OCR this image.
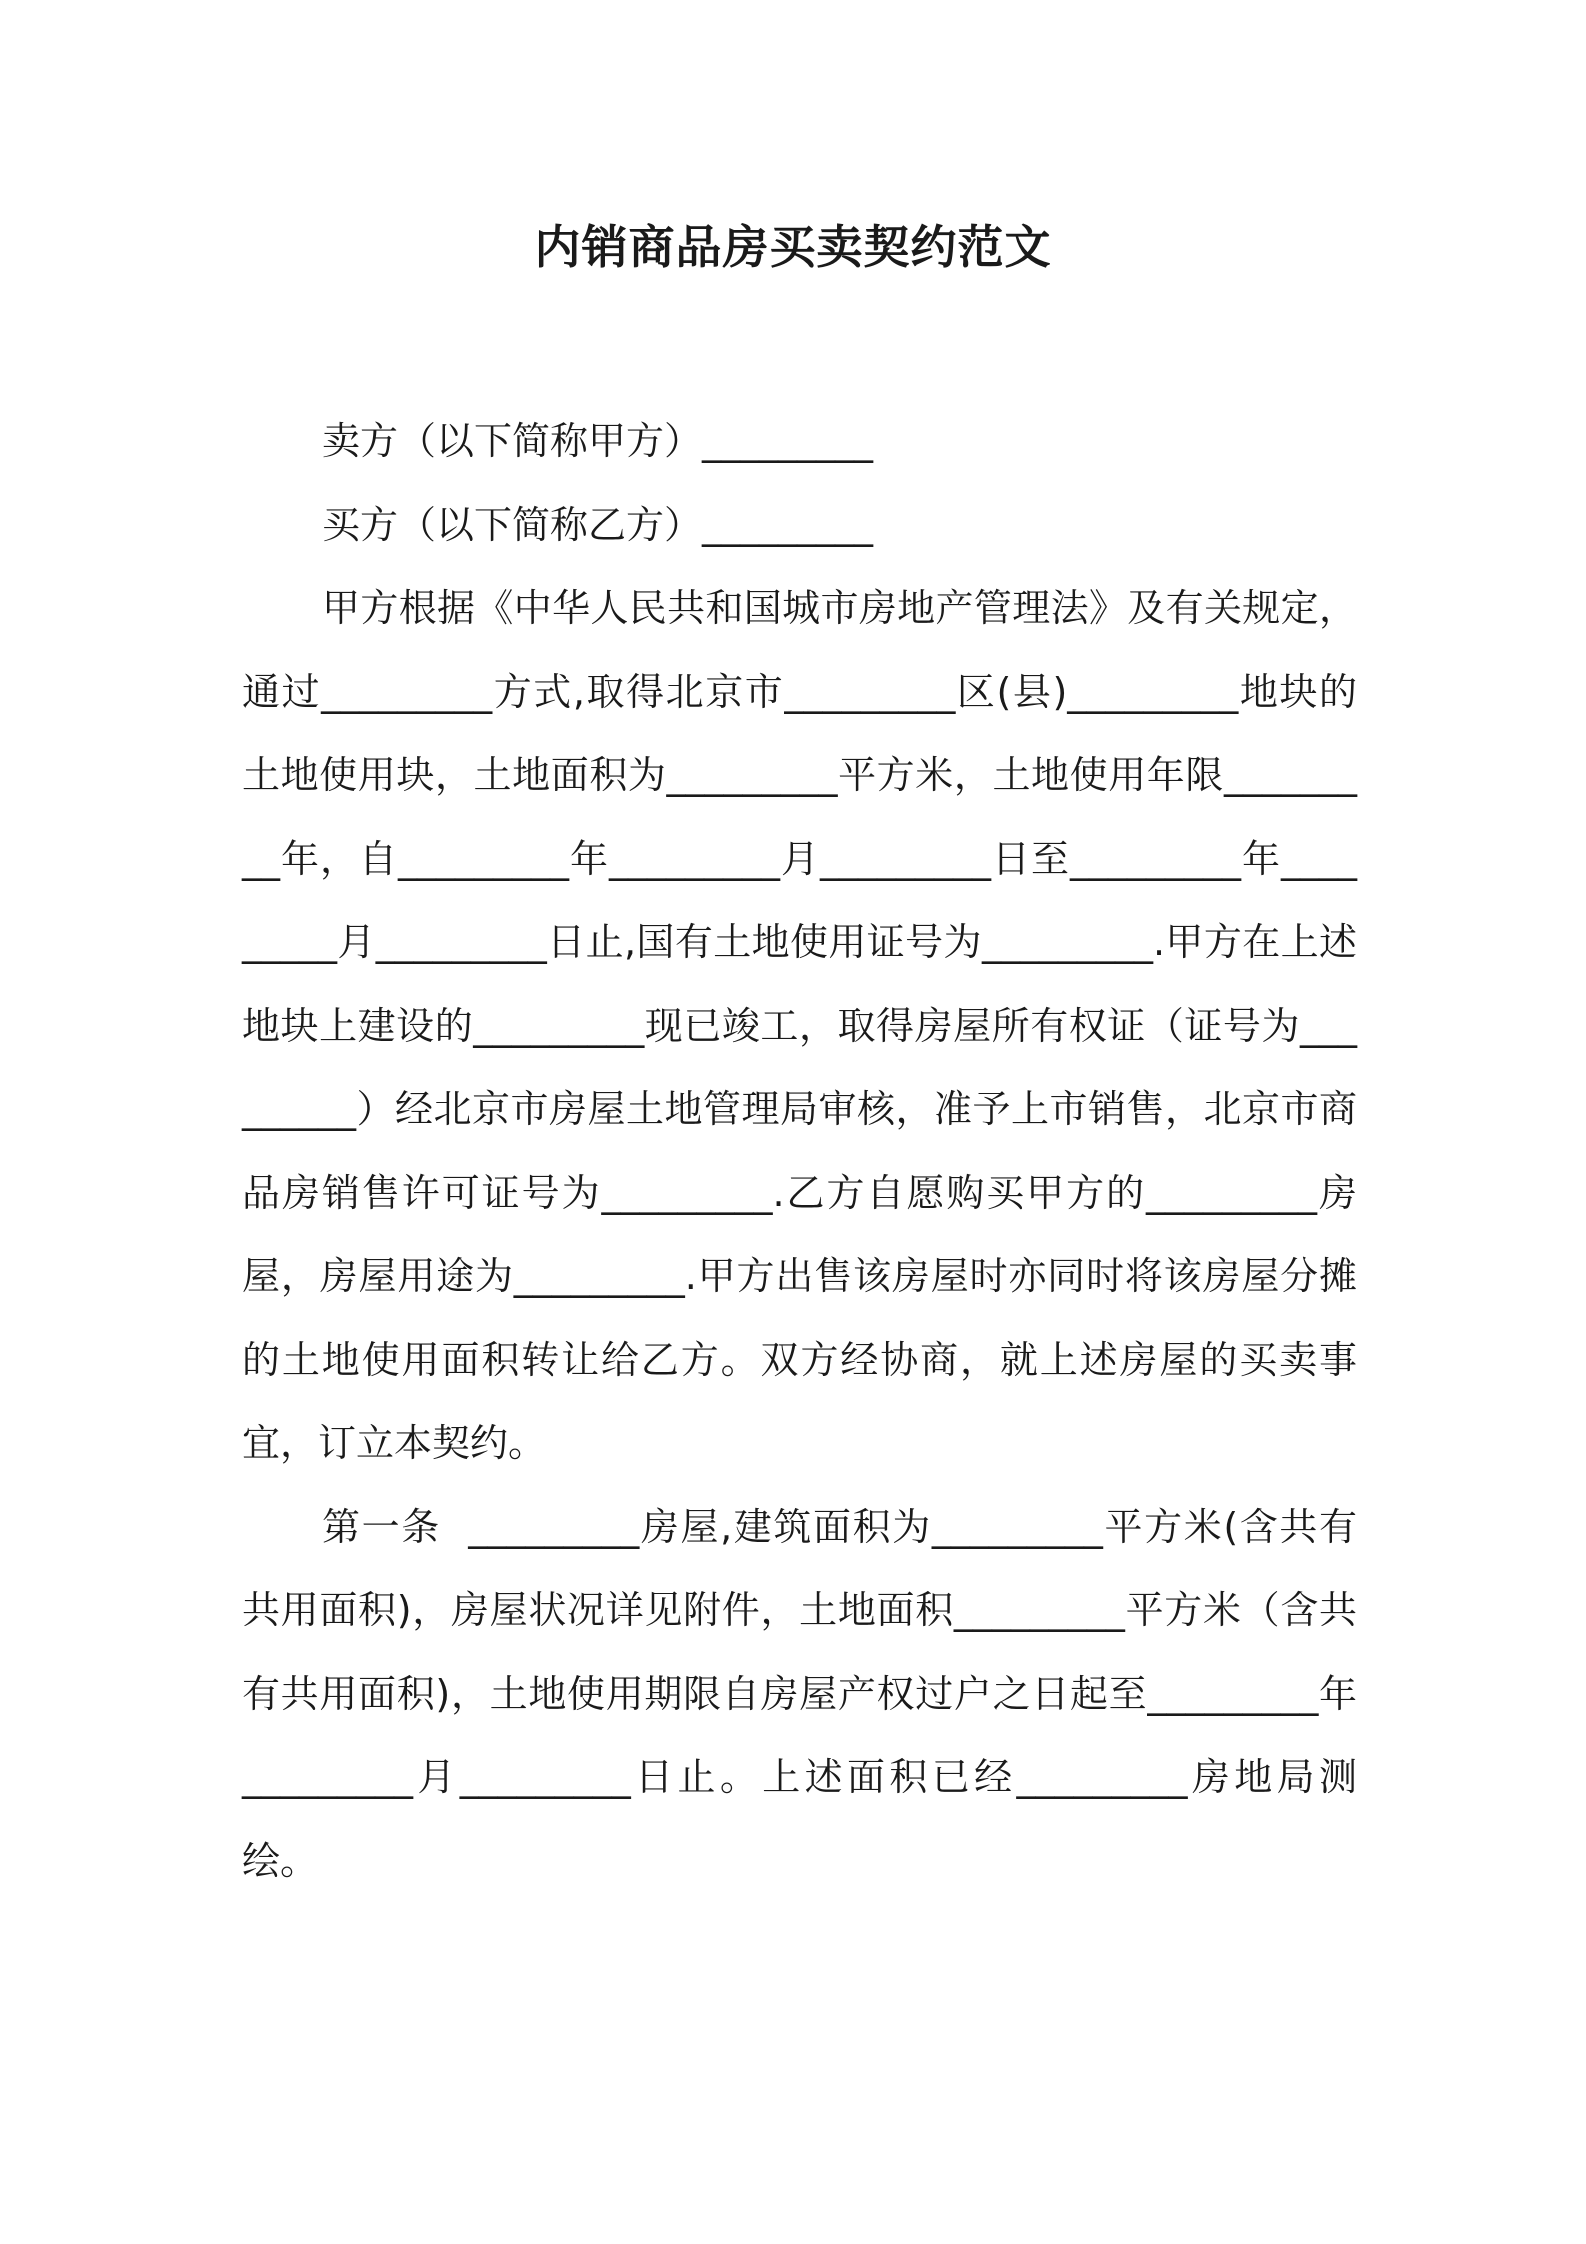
内销商品房买卖契约范文

卖方（以下简称甲方）_________

买方（以下简称乙方）_________

甲方根据《中华人民共和国城市房地产管理法》及有关规定，通过_________方式,取得北京市_________区(县)_________地块的土地使用块，土地面积为_________平方米，土地使用年限_________年，自_________年_________月_________日至_________年_________月_________日止,国有土地使用证号为_________.甲方在上述地块上建设的_________现已竣工，取得房屋所有权证（证号为_________）经北京市房屋土地管理局审核，准予上市销售，北京市商品房销售许可证号为_________.乙方自愿购买甲方的_________房屋，房屋用途为_________.甲方出售该房屋时亦同时将该房屋分摊的土地使用面积转让给乙方。双方经协商，就上述房屋的买卖事宜，订立本契约。

第一条  _________房屋,建筑面积为_________平方米(含共有共用面积)，房屋状况详见附件，土地面积_________平方米（含共有共用面积)，土地使用期限自房屋产权过户之日起至_________年_________月_________日止。上述面积已经_________房地局测绘。
